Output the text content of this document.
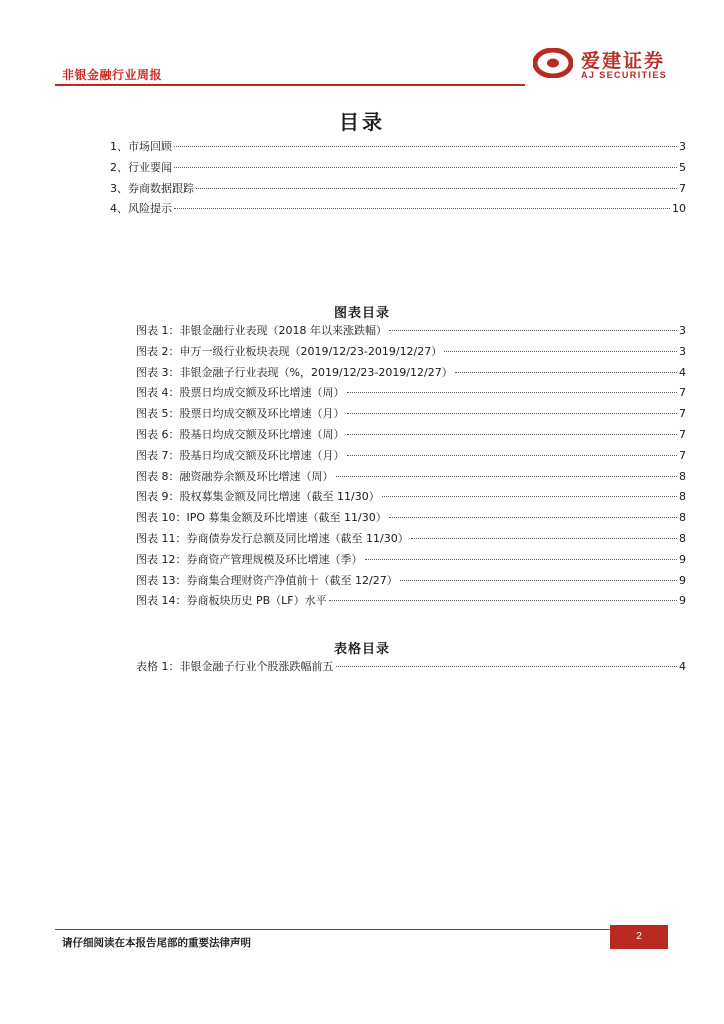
非银金融行业周报
爱建证券
AJ SECURITIES
目录
1、市场回顾	3
2、行业要闻	5
3、券商数据跟踪	7
4、风险提示	10
图表目录
图表 1：非银金融行业表现（2018 年以来涨跌幅）	3
图表 2：申万一级行业板块表现（2019/12/23-2019/12/27）	3
图表 3：非银金融子行业表现（%，2019/12/23-2019/12/27）	4
图表 4：股票日均成交额及环比增速（周）	7
图表 5：股票日均成交额及环比增速（月）	7
图表 6：股基日均成交额及环比增速（周）	7
图表 7：股基日均成交额及环比增速（月）	7
图表 8：融资融券余额及环比增速（周）	8
图表 9：股权募集金额及同比增速（截至 11/30）	8
图表 10：IPO 募集金额及环比增速（截至 11/30）	8
图表 11：券商债券发行总额及同比增速（截至 11/30）	8
图表 12：券商资产管理规模及环比增速（季）	9
图表 13：券商集合理财资产净值前十（截至 12/27）	9
图表 14：券商板块历史 PB（LF）水平	9
表格目录
表格 1：非银金融子行业个股涨跌幅前五	4
请仔细阅读在本报告尾部的重要法律声明
2
